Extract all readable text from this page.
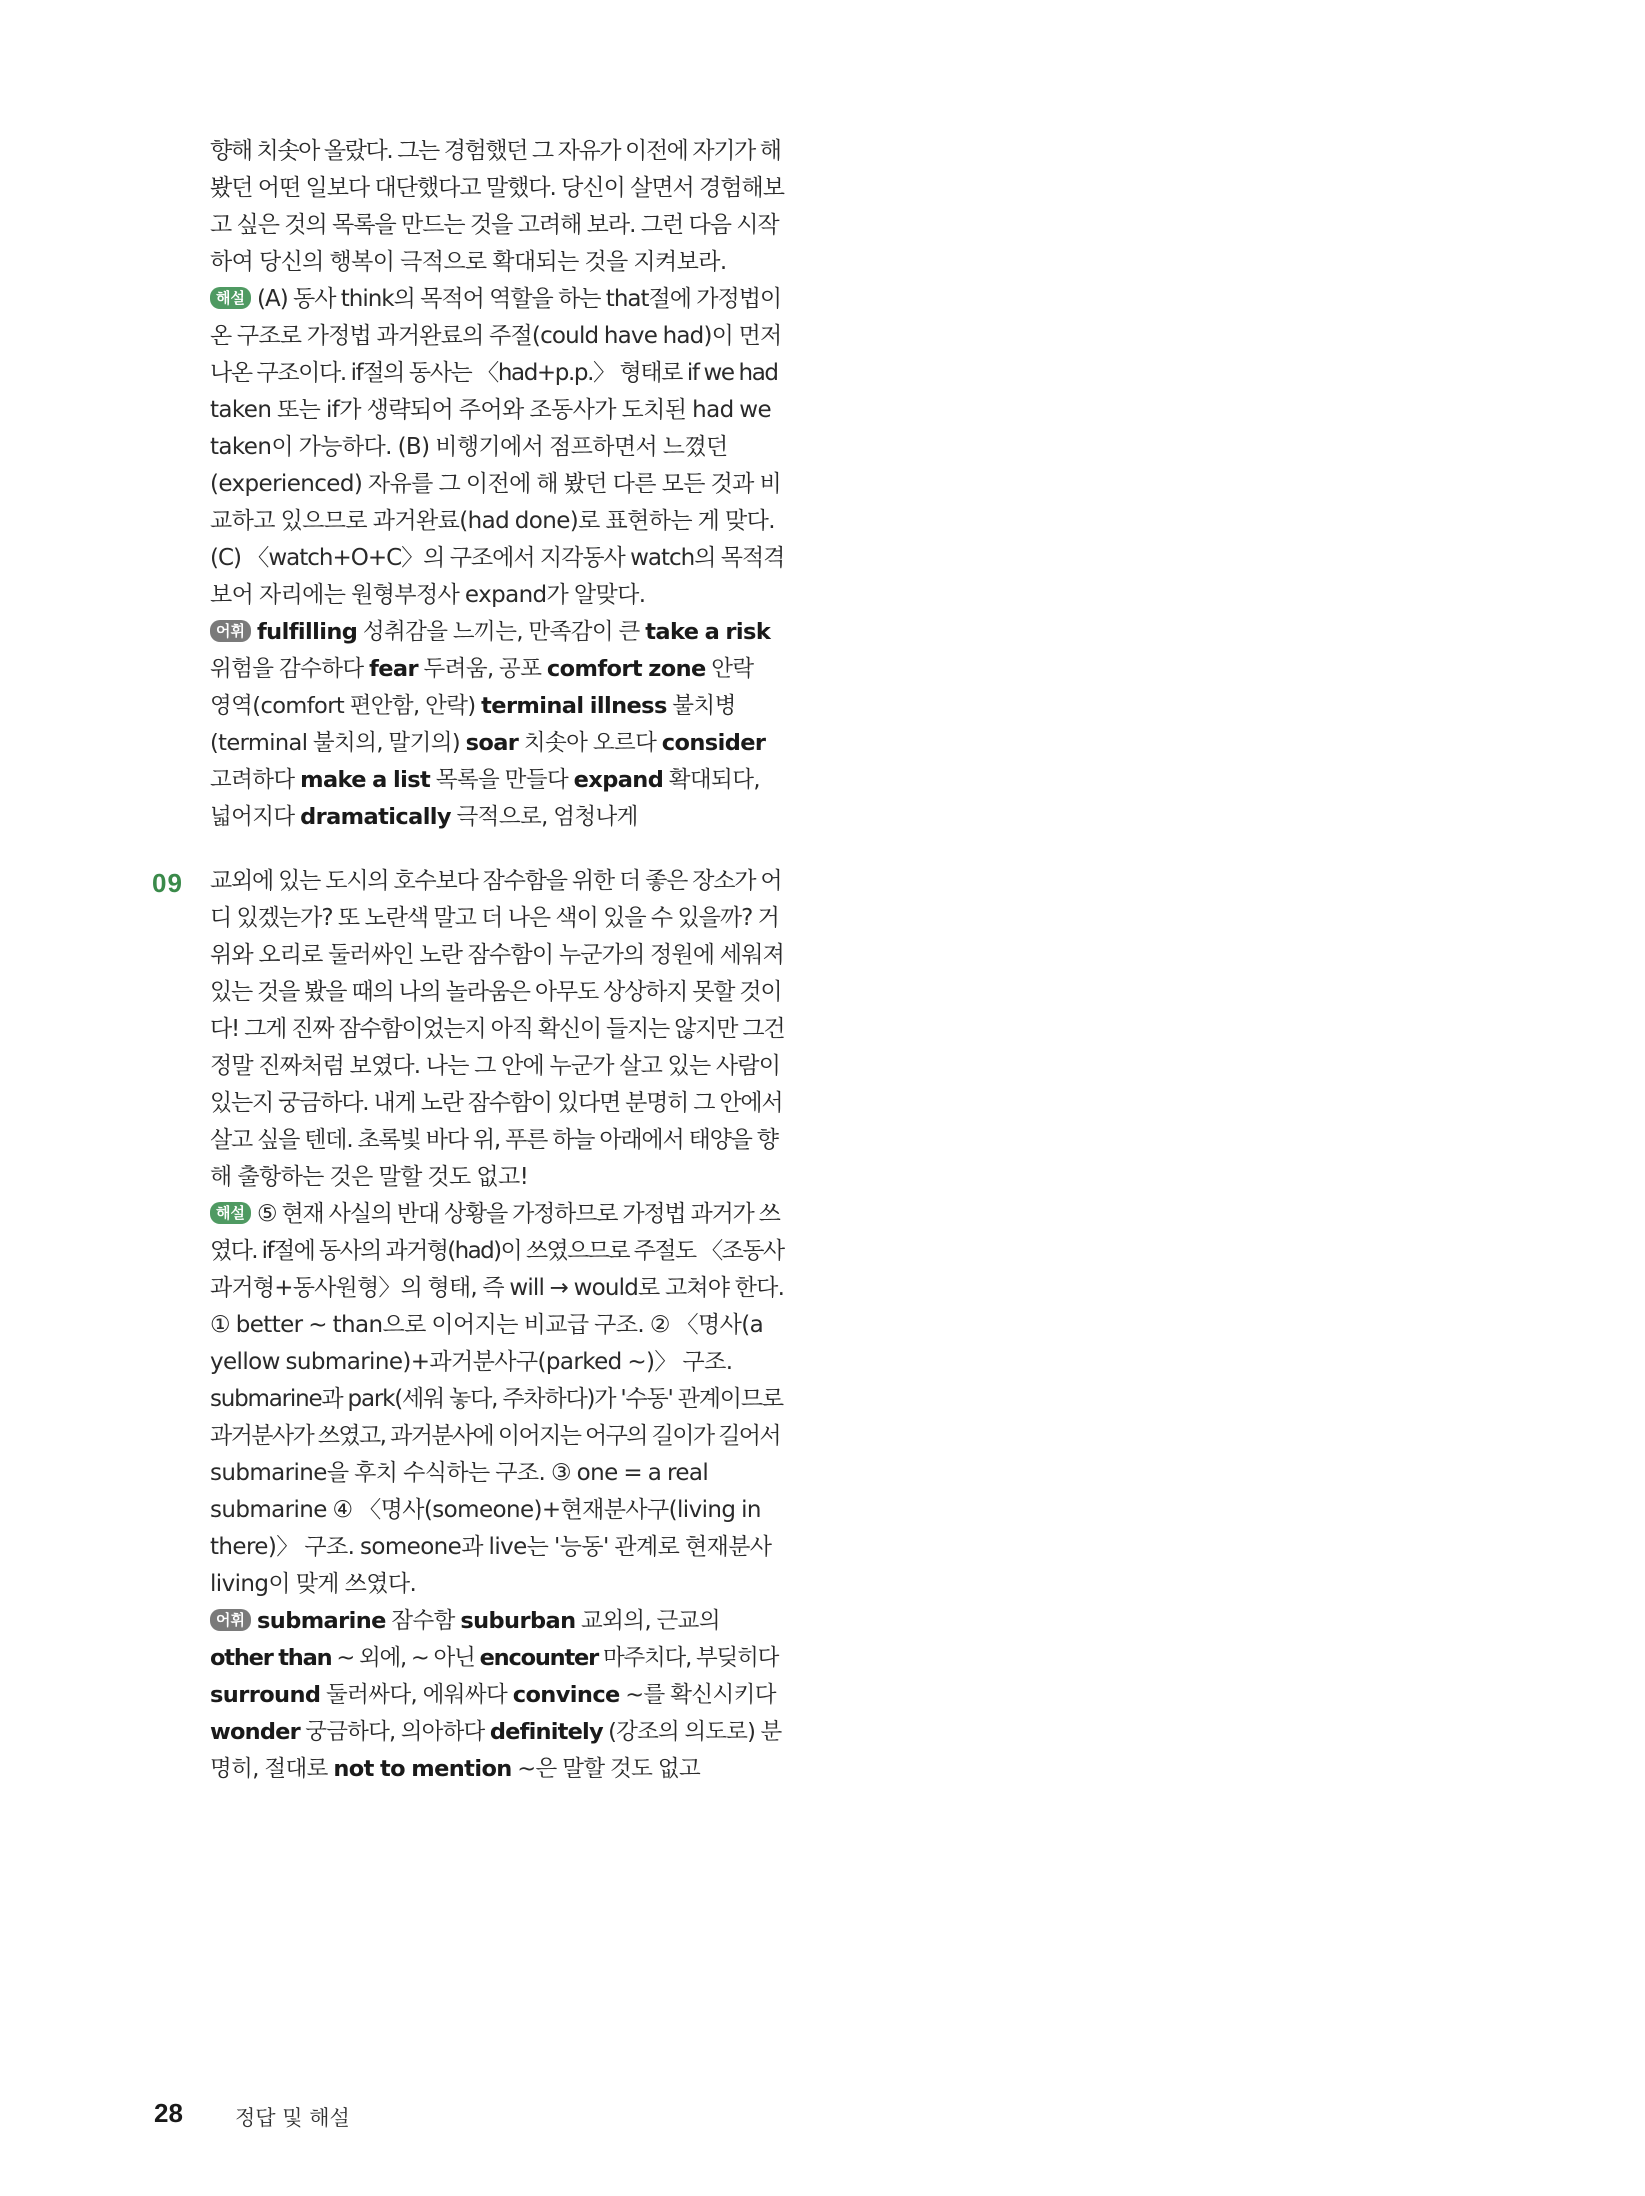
향해 치솟아 올랐다. 그는 경험했던 그 자유가 이전에 자기가 해
봤던 어떤 일보다 대단했다고 말했다. 당신이 살면서 경험해보
고 싶은 것의 목록을 만드는 것을 고려해 보라. 그런 다음 시작
하여 당신의 행복이 극적으로 확대되는 것을 지켜보라.
해설 (A) 동사 think의 목적어 역할을 하는 that절에 가정법이
온 구조로 가정법 과거완료의 주절(could have had)이 먼저
나온 구조이다. if절의 동사는 〈had+p.p.〉 형태로 if we had
taken 또는 if가 생략되어 주어와 조동사가 도치된 had we
taken이 가능하다. (B) 비행기에서 점프하면서 느꼈던
(experienced) 자유를 그 이전에 해 봤던 다른 모든 것과 비
교하고 있으므로 과거완료(had done)로 표현하는 게 맞다.
(C) 〈watch+O+C〉의 구조에서 지각동사 watch의 목적격
보어 자리에는 원형부정사 expand가 알맞다.
어휘 fulfilling 성취감을 느끼는, 만족감이 큰 take a risk
위험을 감수하다 fear 두려움, 공포 comfort zone 안락
영역(comfort 편안함, 안락) terminal illness 불치병
(terminal 불치의, 말기의) soar 치솟아 오르다 consider
고려하다 make a list 목록을 만들다 expand 확대되다,
넓어지다 dramatically 극적으로, 엄청나게
09 교외에 있는 도시의 호수보다 잠수함을 위한 더 좋은 장소가 어
디 있겠는가? 또 노란색 말고 더 나은 색이 있을 수 있을까? 거
위와 오리로 둘러싸인 노란 잠수함이 누군가의 정원에 세워져
있는 것을 봤을 때의 나의 놀라움은 아무도 상상하지 못할 것이
다! 그게 진짜 잠수함이었는지 아직 확신이 들지는 않지만 그건
정말 진짜처럼 보였다. 나는 그 안에 누군가 살고 있는 사람이
있는지 궁금하다. 내게 노란 잠수함이 있다면 분명히 그 안에서
살고 싶을 텐데. 초록빛 바다 위, 푸른 하늘 아래에서 태양을 향
해 출항하는 것은 말할 것도 없고!
해설 ⑤ 현재 사실의 반대 상황을 가정하므로 가정법 과거가 쓰
였다. if절에 동사의 과거형(had)이 쓰였으므로 주절도 〈조동사
과거형+동사원형〉의 형태, 즉 will → would로 고쳐야 한다.
① better ~ than으로 이어지는 비교급 구조. ② 〈명사(a
yellow submarine)+과거분사구(parked ~)〉 구조.
submarine과 park(세워 놓다, 주차하다)가 '수동' 관계이므로
과거분사가 쓰였고, 과거분사에 이어지는 어구의 길이가 길어서
submarine을 후치 수식하는 구조. ③ one = a real
submarine ④ 〈명사(someone)+현재분사구(living in
there)〉 구조. someone과 live는 '능동' 관계로 현재분사
living이 맞게 쓰였다.
어휘 submarine 잠수함 suburban 교외의, 근교의
other than ~ 외에, ~ 아닌 encounter 마주치다, 부딪히다
surround 둘러싸다, 에워싸다 convince ~를 확신시키다
wonder 궁금하다, 의아하다 definitely (강조의 의도로) 분
명히, 절대로 not to mention ~은 말할 것도 없고
28 정답 및 해설
